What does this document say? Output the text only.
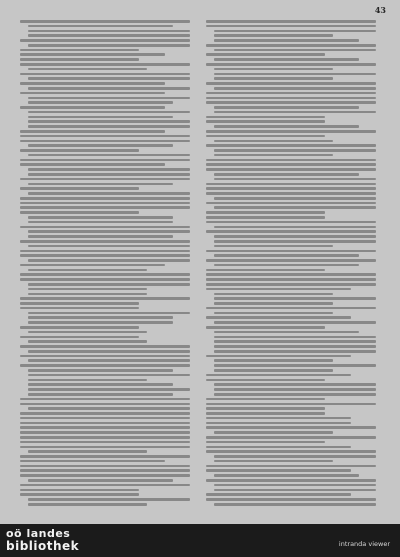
43
oö landes
bibliothek	intranda viewer
